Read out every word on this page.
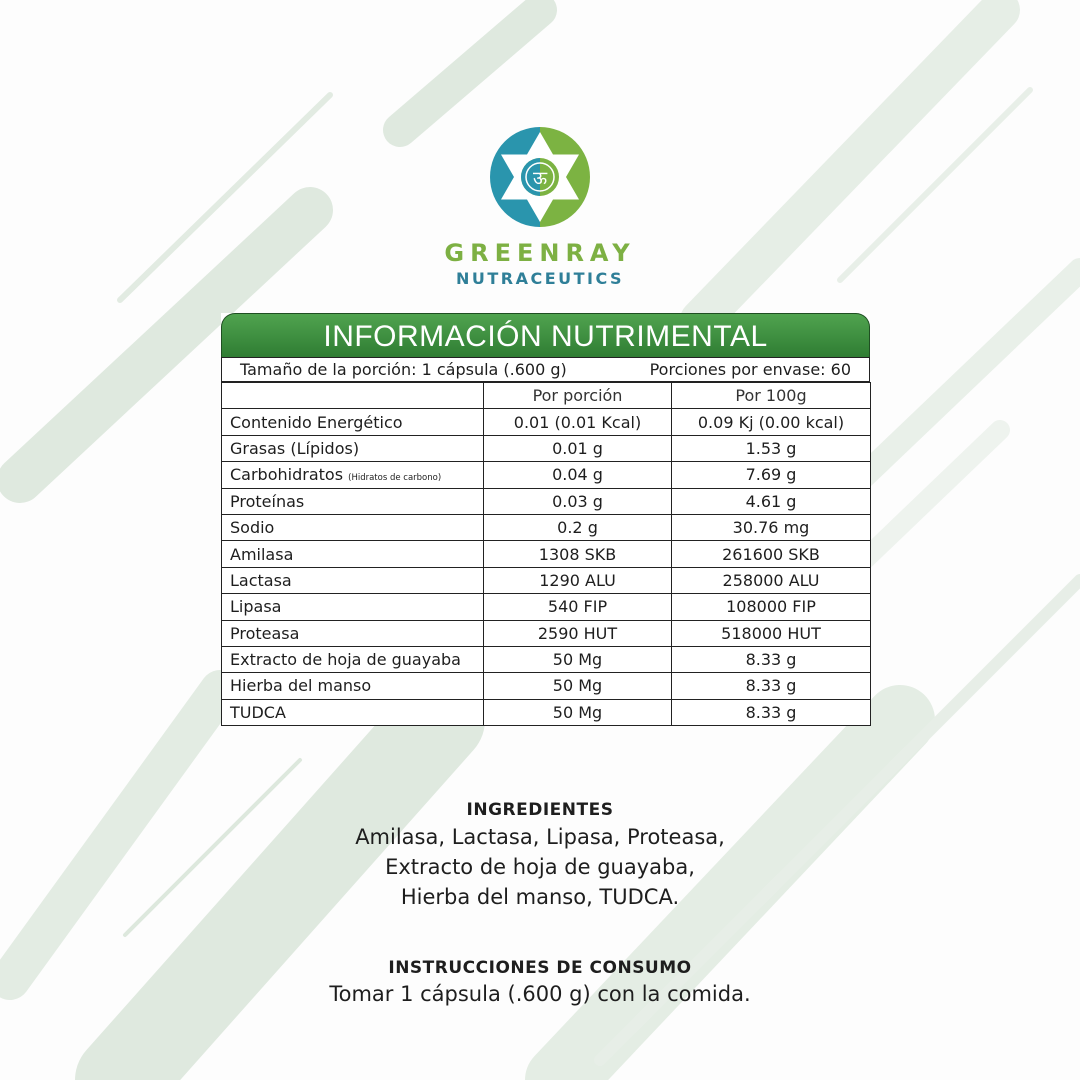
ऊ
GREENRAY
NUTRACEUTICS
INFORMACIÓN NUTRIMENTAL
Tamaño de la porción: 1 cápsula (.600 g)	Porciones por envase: 60
	Por porción	Por 100g
Contenido Energético	0.01 (0.01 Kcal)	0.09 Kj (0.00 kcal)
Grasas (Lípidos)	0.01 g	1.53 g
Carbohidratos (Hidratos de carbono)	0.04 g	7.69 g
Proteínas	0.03 g	4.61 g
Sodio	0.2 g	30.76 mg
Amilasa	1308 SKB	261600 SKB
Lactasa	1290 ALU	258000 ALU
Lipasa	540 FIP	108000 FIP
Proteasa	2590 HUT	518000 HUT
Extracto de hoja de guayaba	50 Mg	8.33 g
Hierba del manso	50 Mg	8.33 g
TUDCA	50 Mg	8.33 g
INGREDIENTES
Amilasa, Lactasa, Lipasa, Proteasa,
Extracto de hoja de guayaba,
Hierba del manso, TUDCA.
INSTRUCCIONES DE CONSUMO
Tomar 1 cápsula (.600 g) con la comida.
